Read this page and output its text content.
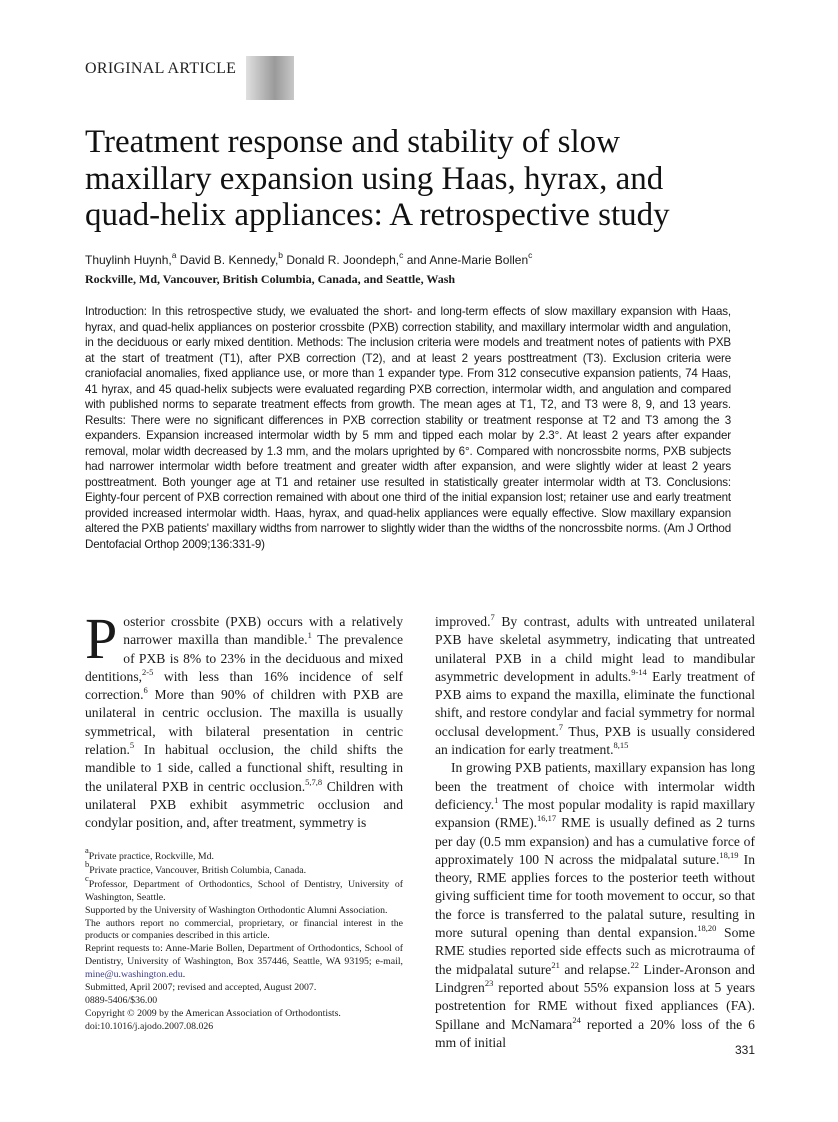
ORIGINAL ARTICLE
Treatment response and stability of slow maxillary expansion using Haas, hyrax, and quad-helix appliances: A retrospective study
Thuylinh Huynh,$^a$ David B. Kennedy,$^b$ Donald R. Joondeph,$^c$ and Anne-Marie Bollen$^c$
Rockville, Md, Vancouver, British Columbia, Canada, and Seattle, Wash
Introduction: In this retrospective study, we evaluated the short- and long-term effects of slow maxillary expansion with Haas, hyrax, and quad-helix appliances on posterior crossbite (PXB) correction stability, and maxillary intermolar width and angulation, in the deciduous or early mixed dentition. Methods: The inclusion criteria were models and treatment notes of patients with PXB at the start of treatment (T1), after PXB correction (T2), and at least 2 years posttreatment (T3). Exclusion criteria were craniofacial anomalies, fixed appliance use, or more than 1 expander type. From 312 consecutive expansion patients, 74 Haas, 41 hyrax, and 45 quad-helix subjects were evaluated regarding PXB correction, intermolar width, and angulation and compared with published norms to separate treatment effects from growth. The mean ages at T1, T2, and T3 were 8, 9, and 13 years. Results: There were no significant differences in PXB correction stability or treatment response at T2 and T3 among the 3 expanders. Expansion increased intermolar width by 5 mm and tipped each molar by 2.3°. At least 2 years after expander removal, molar width decreased by 1.3 mm, and the molars uprighted by 6°. Compared with noncrossbite norms, PXB subjects had narrower intermolar width before treatment and greater width after expansion, and were slightly wider at least 2 years posttreatment. Both younger age at T1 and retainer use resulted in statistically greater intermolar width at T3. Conclusions: Eighty-four percent of PXB correction remained with about one third of the initial expansion lost; retainer use and early treatment provided increased intermolar width. Haas, hyrax, and quad-helix appliances were equally effective. Slow maxillary expansion altered the PXB patients' maxillary widths from narrower to slightly wider than the widths of the noncrossbite norms. (Am J Orthod Dentofacial Orthop 2009;136:331-9)

Posterior crossbite (PXB) occurs with a relatively narrower maxilla than mandible.$^1$ The prevalence of PXB is 8% to 23% in the deciduous and mixed dentitions,$^{2-5}$ with less than 16% incidence of self correction.$^6$ More than 90% of children with PXB are unilateral in centric occlusion. The maxilla is usually symmetrical, with bilateral presentation in centric relation.$^5$ In habitual occlusion, the child shifts the mandible to 1 side, called a functional shift, resulting in the unilateral PXB in centric occlusion.$^{5,7,8}$ Children with unilateral PXB exhibit asymmetric occlusion and condylar position, and, after treatment, symmetry is

improved.$^7$ By contrast, adults with untreated unilateral PXB have skeletal asymmetry, indicating that untreated unilateral PXB in a child might lead to mandibular asymmetric development in adults.$^{9-14}$ Early treatment of PXB aims to expand the maxilla, eliminate the functional shift, and restore condylar and facial symmetry for normal occlusal development.$^7$ Thus, PXB is usually considered an indication for early treatment.$^{8,15}$

In growing PXB patients, maxillary expansion has long been the treatment of choice with intermolar width deficiency.$^1$ The most popular modality is rapid maxillary expansion (RME).$^{16,17}$ RME is usually defined as 2 turns per day (0.5 mm expansion) and has a cumulative force of approximately 100 N across the midpalatal suture.$^{18,19}$ In theory, RME applies forces to the posterior teeth without giving sufficient time for tooth movement to occur, so that the force is transferred to the palatal suture, resulting in more sutural opening than dental expansion.$^{18,20}$ Some RME studies reported side effects such as microtrauma of the midpalatal suture$^{21}$ and relapse.$^{22}$ Linder-Aronson and Lindgren$^{23}$ reported about 55% expansion loss at 5 years postretention for RME without fixed appliances (FA). Spillane and McNamara$^{24}$ reported a 20% loss of the 6 mm of initial

$^a$Private practice, Rockville, Md.
$^b$Private practice, Vancouver, British Columbia, Canada.
$^c$Professor, Department of Orthodontics, School of Dentistry, University of Washington, Seattle.
Supported by the University of Washington Orthodontic Alumni Association.
The authors report no commercial, proprietary, or financial interest in the products or companies described in this article.
Reprint requests to: Anne-Marie Bollen, Department of Orthodontics, School of Dentistry, University of Washington, Box 357446, Seattle, WA 93195; e-mail, mine@u.washington.edu.
Submitted, April 2007; revised and accepted, August 2007.
0889-5406/$36.00
Copyright © 2009 by the American Association of Orthodontists.
doi:10.1016/j.ajodo.2007.08.026
331
